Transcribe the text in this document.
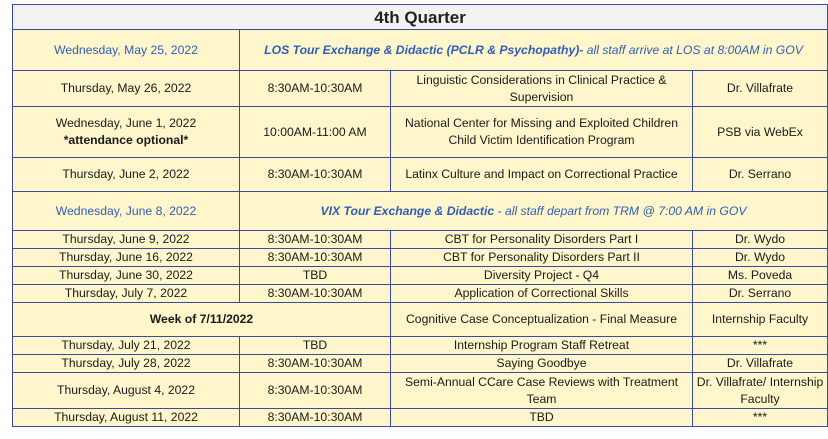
4th Quarter			
Wednesday, May 25, 2022	LOS Tour Exchange & Didactic (PCLR & Psychopathy)- all staff arrive at LOS at 8:00AM in GOV		
Thursday, May 26, 2022	8:30AM-10:30AM	Linguistic Considerations in Clinical Practice & Supervision	Dr. Villafrate

Wednesday, June 1, 2022
*attendance optional*	10:00AM-11:00 AM	National Center for Missing and Exploited Children Child Victim Identification Program	PSB via WebEx
Thursday, June 2, 2022	8:30AM-10:30AM	Latinx Culture and Impact on Correctional Practice	Dr. Serrano
Wednesday, June 8, 2022	VIX Tour Exchange & Didactic - all staff depart from TRM @ 7:00 AM in GOV		
Thursday, June 9, 2022	8:30AM-10:30AM	CBT for Personality Disorders Part I	Dr. Wydo
Thursday, June 16, 2022	8:30AM-10:30AM	CBT for Personality Disorders Part II	Dr. Wydo
Thursday, June 30, 2022	TBD	Diversity Project - Q4	Ms. Poveda
Thursday, July 7, 2022	8:30AM-10:30AM	Application of Correctional Skills	Dr. Serrano
Week of 7/11/2022		Cognitive Case Conceptualization - Final Measure	Internship Faculty
Thursday, July 21, 2022	TBD	Internship Program Staff Retreat	***
Thursday, July 28, 2022	8:30AM-10:30AM	Saying Goodbye	Dr. Villafrate
Thursday, August 4, 2022	8:30AM-10:30AM	Semi-Annual CCare Case Reviews with Treatment Team	Dr. Villafrate/ Internship Faculty
Thursday, August 11, 2022	8:30AM-10:30AM	TBD	***
